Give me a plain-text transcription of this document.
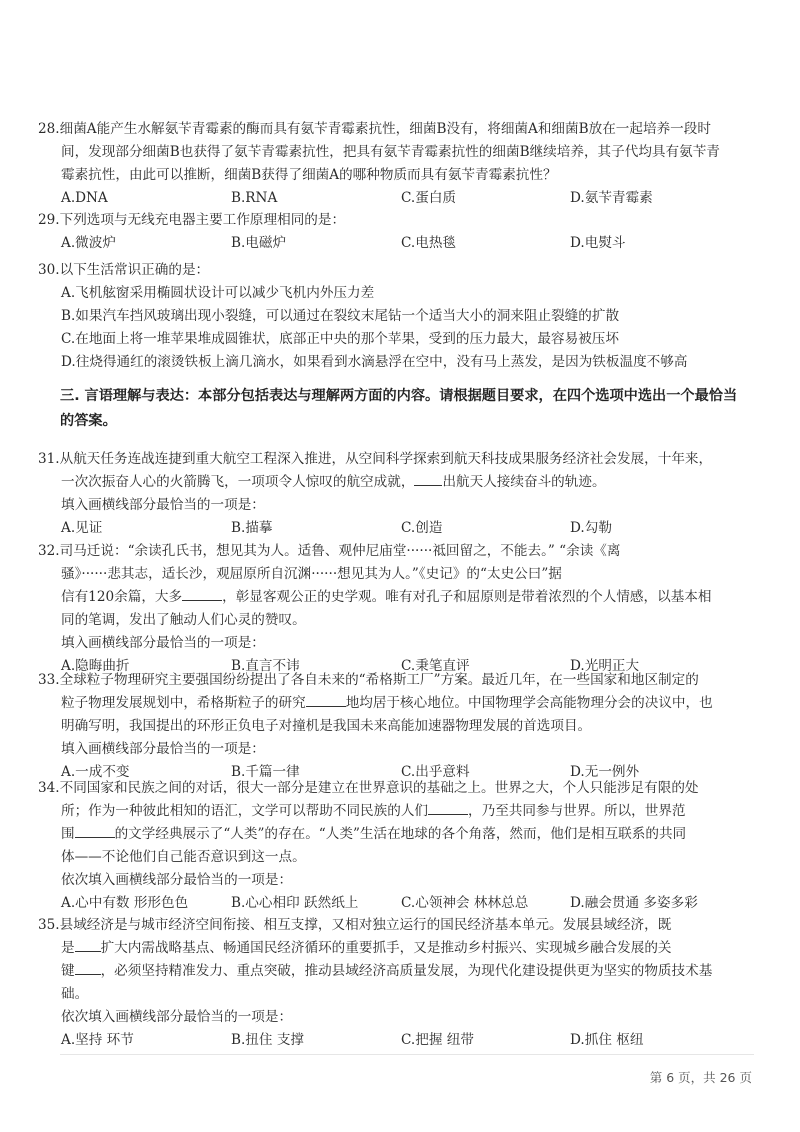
28.细菌A能产生水解氨苄青霉素的酶而具有氨苄青霉素抗性，细菌B没有，将细菌A和细菌B放在一起培养一段时
间，发现部分细菌B也获得了氨苄青霉素抗性，把具有氨苄青霉素抗性的细菌B继续培养，其子代均具有氨苄青
霉素抗性，由此可以推断，细菌B获得了细菌A的哪种物质而具有氨苄青霉素抗性？
A.DNA	B.RNA	C.蛋白质	D.氨苄青霉素
29.下列选项与无线充电器主要工作原理相同的是：
A.微波炉	B.电磁炉	C.电热毯	D.电熨斗
30.以下生活常识正确的是：
A.飞机舷窗采用椭圆状设计可以减少飞机内外压力差
B.如果汽车挡风玻璃出现小裂缝，可以通过在裂纹末尾钻一个适当大小的洞来阻止裂缝的扩散
C.在地面上将一堆苹果堆成圆锥状，底部正中央的那个苹果，受到的压力最大，最容易被压坏
D.往烧得通红的滚烫铁板上滴几滴水，如果看到水滴悬浮在空中，没有马上蒸发，是因为铁板温度不够高
三. 言语理解与表达：本部分包括表达与理解两方面的内容。请根据题目要求，在四个选项中选出一个最恰当的答案。
31.从航天任务连战连捷到重大航空工程深入推进，从空间科学探索到航天科技成果服务经济社会发展，十年来，
一次次振奋人心的火箭腾飞，一项项令人惊叹的航空成就， 出航天人接续奋斗的轨迹。
填入画横线部分最恰当的一项是：
A.见证	B.描摹	C.创造	D.勾勒
32.司马迁说：“余读孔氏书，想见其为人。适鲁、观仲尼庙堂······祗回留之，不能去。” “余读《离
骚》······悲其志，适长沙，观屈原所自沉渊······想见其为人。”《史记》的“太史公曰”据
信有120余篇，大多	，彰显客观公正的史学观。唯有对孔子和屈原则是带着浓烈的个人情感，以基本相
同的笔调，发出了触动人们心灵的赞叹。
填入画横线部分最恰当的一项是：
A.隐晦曲折	B.直言不讳	C.秉笔直评	D.光明正大
33.全球粒子物理研究主要强国纷纷提出了各自未来的“希格斯工厂”方案。最近几年，在一些国家和地区制定的
粒子物理发展规划中，希格斯粒子的研究	地均居于核心地位。中国物理学会高能物理分会的决议中，也
明确写明，我国提出的环形正负电子对撞机是我国未来高能加速器物理发展的首选项目。
填入画横线部分最恰当的一项是：
A.一成不变	B.千篇一律	C.出乎意料	D.无一例外
34.不同国家和民族之间的对话，很大一部分是建立在世界意识的基础之上。世界之大，个人只能涉足有限的处
所；作为一种彼此相知的语汇，文学可以帮助不同民族的人们	，乃至共同参与世界。所以，世界范
围	的文学经典展示了“人类”的存在。“人类”生活在地球的各个角落，然而，他们是相互联系的共同
体——不论他们自己能否意识到这一点。
依次填入画横线部分最恰当的一项是：
A.心中有数 形形色色	B.心心相印 跃然纸上	C.心领神会 林林总总	D.融会贯通 多姿多彩
35.县域经济是与城市经济空间衔接、相互支撑，又相对独立运行的国民经济基本单元。发展县域经济，既
是 扩大内需战略基点、畅通国民经济循环的重要抓手，又是推动乡村振兴、实现城乡融合发展的关
键 ，必须坚持精准发力、重点突破，推动县域经济高质量发展，为现代化建设提供更为坚实的物质技术基
础。
依次填入画横线部分最恰当的一项是：
A.坚持 环节	B.扭住 支撑	C.把握 纽带	D.抓住 枢纽
第 6 页，共 26 页
